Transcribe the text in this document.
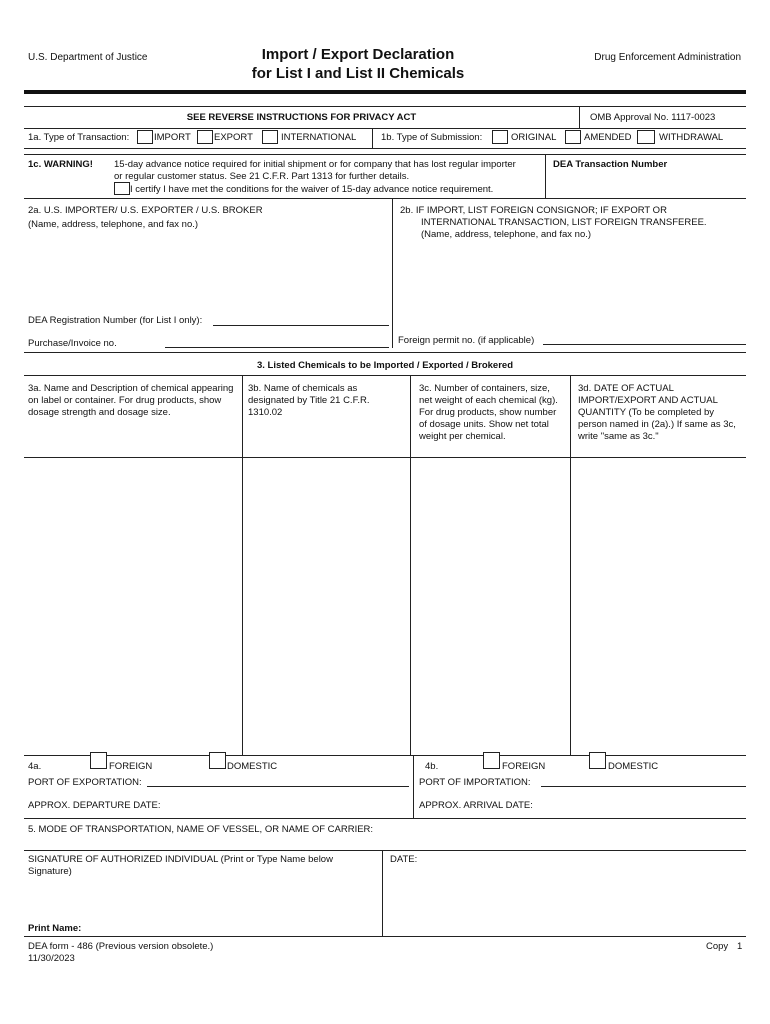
U.S. Department of Justice	Import / Export Declaration
for List I and List II Chemicals
Drug Enforcement Administration
SEE REVERSE INSTRUCTIONS FOR PRIVACY ACT	OMB Approval No. 1117-0023
1a. Type of Transaction:	IMPORT EXPORT	INTERNATIONAL	1b. Type of Submission:	ORIGINAL	AMENDED	WITHDRAWAL
1c. WARNING! 15-day advance notice required for initial shipment or for company that has lost regular importer
or regular customer status. See 21 C.F.R. Part 1313 for further details.
I certify I have met the conditions for the waiver of 15-day advance notice requirement.
DEA Transaction Number
2a. U.S. IMPORTER/ U.S. EXPORTER / U.S. BROKER
(Name, address, telephone, and fax no.)
2b. IF IMPORT, LIST FOREIGN CONSIGNOR; IF EXPORT OR
INTERNATIONAL TRANSACTION, LIST FOREIGN TRANSFEREE.
(Name, address, telephone, and fax no.)
DEA Registration Number (for List I only):
Purchase/Invoice no.	Foreign permit no. (if applicable)
3. Listed Chemicals to be Imported / Exported / Brokered
3a. Name and Description of chemical appearing on label or container. For drug products, show dosage strength and dosage size.
3b. Name of chemicals as designated by Title 21 C.F.R. 1310.02
3c. Number of containers, size, net weight of each chemical (kg). For drug products, show number of dosage units. Show net total weight per chemical.
3d. DATE OF ACTUAL IMPORT/EXPORT AND ACTUAL QUANTITY (To be completed by person named in (2a).) If same as 3c, write "same as 3c."
4a.	FOREIGN	DOMESTIC
PORT OF EXPORTATION:
4b.	FOREIGN	DOMESTIC
PORT OF IMPORTATION:
APPROX. DEPARTURE DATE:	APPROX. ARRIVAL DATE:
5. MODE OF TRANSPORTATION, NAME OF VESSEL, OR NAME OF CARRIER:
SIGNATURE OF AUTHORIZED INDIVIDUAL (Print or Type Name below Signature)
DATE:
Print Name:
DEA form - 486 (Previous version obsolete.)
11/30/2023
Copy 1
